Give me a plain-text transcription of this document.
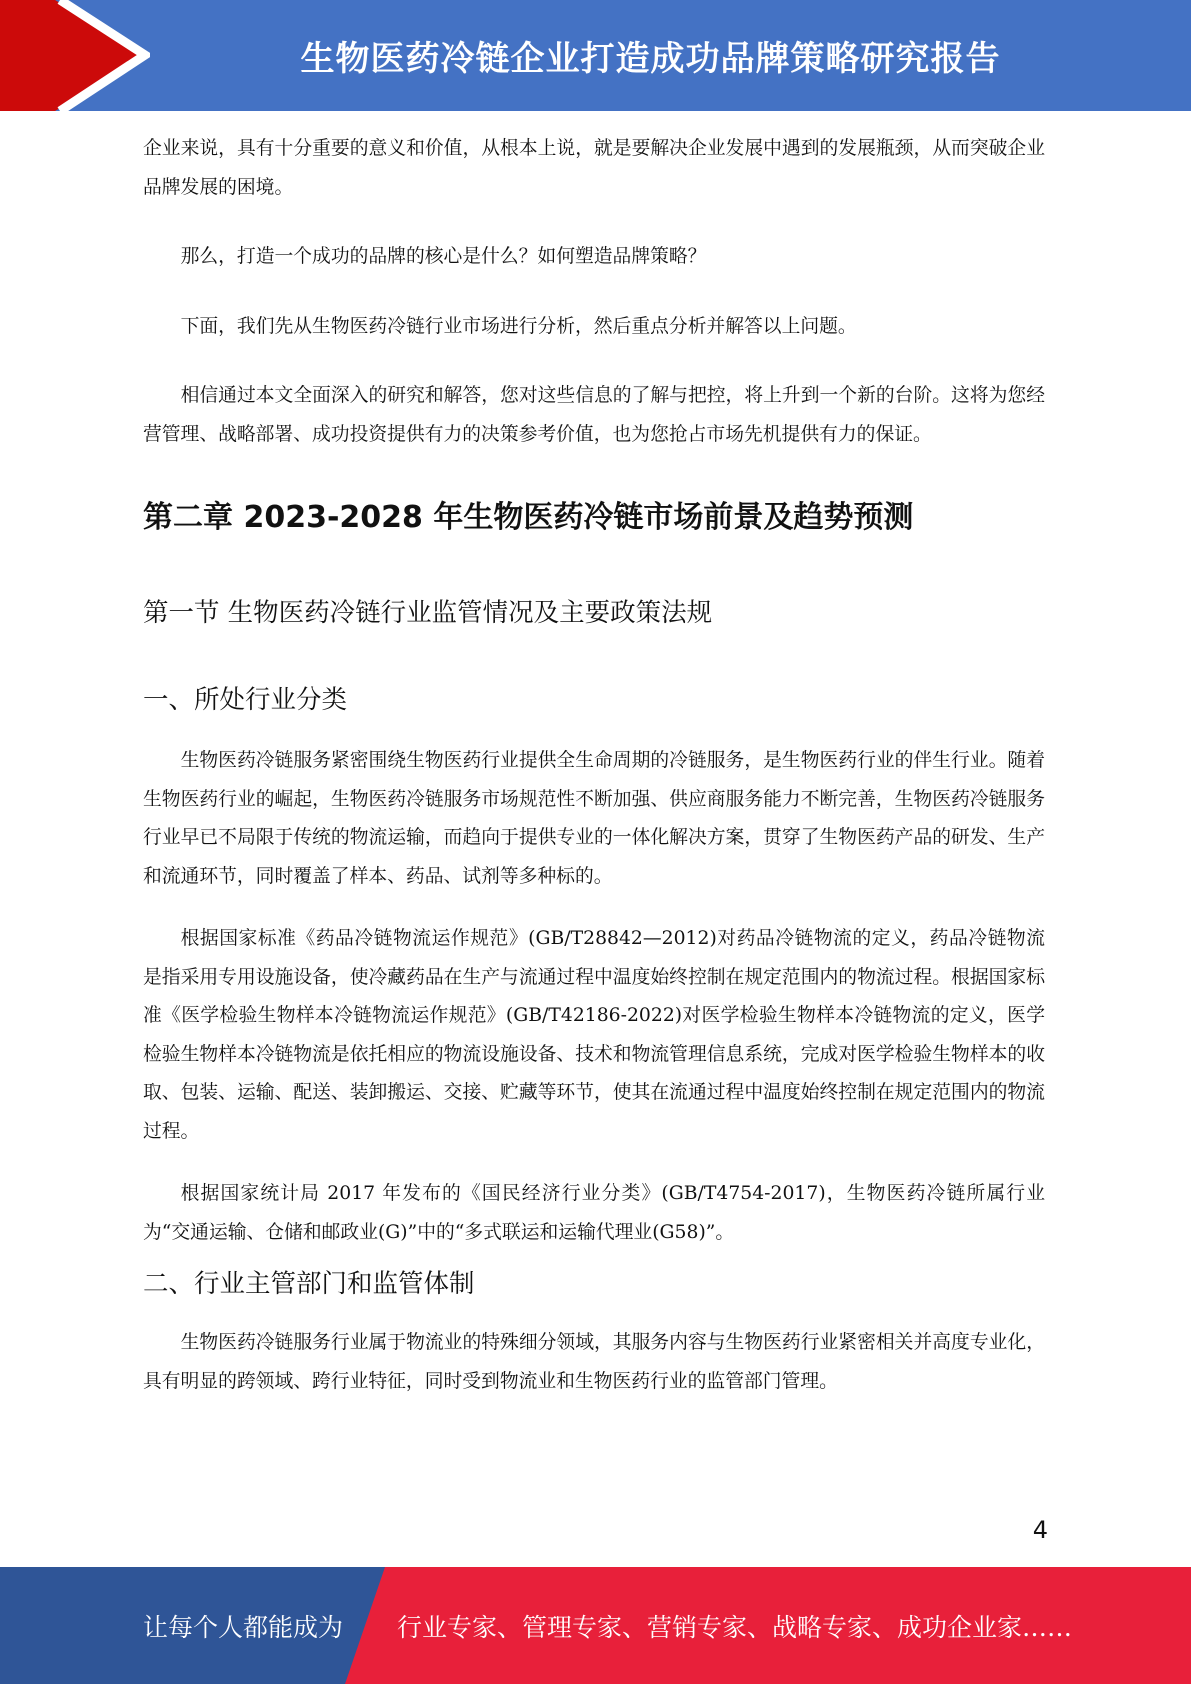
生物医药冷链企业打造成功品牌策略研究报告

企业来说，具有十分重要的意义和价值，从根本上说，就是要解决企业发展中遇到的发展瓶颈，从而突破企业品牌发展的困境。

那么，打造一个成功的品牌的核心是什么？如何塑造品牌策略？

下面，我们先从生物医药冷链行业市场进行分析，然后重点分析并解答以上问题。

相信通过本文全面深入的研究和解答，您对这些信息的了解与把控，将上升到一个新的台阶。这将为您经营管理、战略部署、成功投资提供有力的决策参考价值，也为您抢占市场先机提供有力的保证。

第二章 2023-2028 年生物医药冷链市场前景及趋势预测
第一节 生物医药冷链行业监管情况及主要政策法规
一、所处行业分类

生物医药冷链服务紧密围绕生物医药行业提供全生命周期的冷链服务，是生物医药行业的伴生行业。随着生物医药行业的崛起，生物医药冷链服务市场规范性不断加强、供应商服务能力不断完善，生物医药冷链服务行业早已不局限于传统的物流运输，而趋向于提供专业的一体化解决方案，贯穿了生物医药产品的研发、生产和流通环节，同时覆盖了样本、药品、试剂等多种标的。

根据国家标准《药品冷链物流运作规范》(GB/T28842—2012)对药品冷链物流的定义，药品冷链物流是指采用专用设施设备，使冷藏药品在生产与流通过程中温度始终控制在规定范围内的物流过程。根据国家标准《医学检验生物样本冷链物流运作规范》(GB/T42186-2022)对医学检验生物样本冷链物流的定义，医学检验生物样本冷链物流是依托相应的物流设施设备、技术和物流管理信息系统，完成对医学检验生物样本的收取、包装、运输、配送、装卸搬运、交接、贮藏等环节，使其在流通过程中温度始终控制在规定范围内的物流过程。

根据国家统计局 2017 年发布的《国民经济行业分类》(GB/T4754-2017)，生物医药冷链所属行业为“交通运输、仓储和邮政业(G)”中的“多式联运和运输代理业(G58)”。

二、行业主管部门和监管体制

生物医药冷链服务行业属于物流业的特殊细分领域，其服务内容与生物医药行业紧密相关并高度专业化，具有明显的跨领域、跨行业特征，同时受到物流业和生物医药行业的监管部门管理。

4
让每个人都能成为 行业专家、管理专家、营销专家、战略专家、成功企业家……
